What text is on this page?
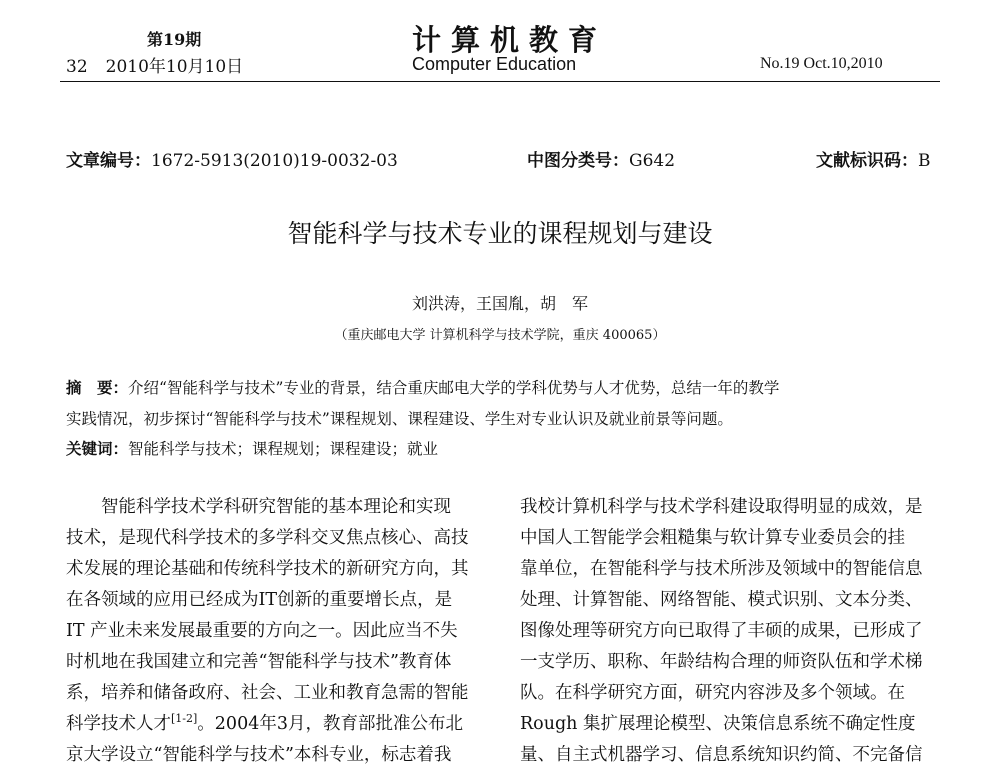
第19期
32 2010年10月10日
计算机教育
Computer Education	No.19 Oct.10,2010
文章编号：1672-5913(2010)19-0032-03	中图分类号：G642	文献标识码：B
智能科学与技术专业的课程规划与建设
刘洪涛，王国胤，胡　军
（重庆邮电大学 计算机科学与技术学院，重庆 400065）
摘　要：介绍“智能科学与技术”专业的背景，结合重庆邮电大学的学科优势与人才优势，总结一年的教学
实践情况，初步探讨“智能科学与技术”课程规划、课程建设、学生对专业认识及就业前景等问题。
关键词：智能科学与技术；课程规划；课程建设；就业
　　智能科学技术学科研究智能的基本理论和实现
技术，是现代科学技术的多学科交叉焦点核心、高技
术发展的理论基础和传统科学技术的新研究方向，其
在各领域的应用已经成为IT创新的重要增长点，是
IT 产业未来发展最重要的方向之一。因此应当不失
时机地在我国建立和完善“智能科学与技术”教育体
系，培养和储备政府、社会、工业和教育急需的智能
科学技术人才[1-2]。2004年3月，教育部批准公布北
京大学设立“智能科学与技术”本科专业，标志着我
我校计算机科学与技术学科建设取得明显的成效，是
中国人工智能学会粗糙集与软计算专业委员会的挂
靠单位，在智能科学与技术所涉及领域中的智能信息
处理、计算智能、网络智能、模式识别、文本分类、
图像处理等研究方向已取得了丰硕的成果，已形成了
一支学历、职称、年龄结构合理的师资队伍和学术梯
队。在科学研究方面，研究内容涉及多个领域。在
Rough 集扩展理论模型、决策信息系统不确定性度
量、自主式机器学习、信息系统知识约简、不完备信
